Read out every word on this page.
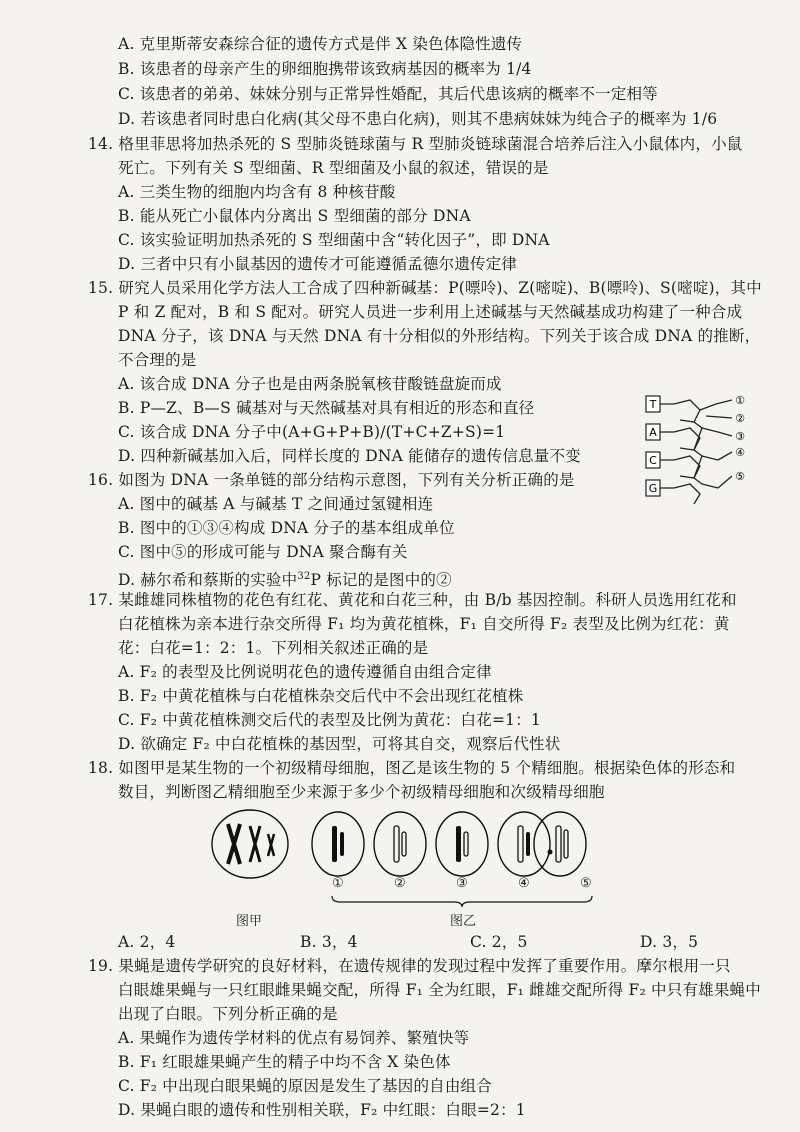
A. 克里斯蒂安森综合征的遗传方式是伴 X 染色体隐性遗传
B. 该患者的母亲产生的卵细胞携带该致病基因的概率为 1/4
C. 该患者的弟弟、妹妹分别与正常异性婚配，其后代患该病的概率不一定相等
D. 若该患者同时患白化病(其父母不患白化病)，则其不患病妹妹为纯合子的概率为 1/6
14. 格里菲思将加热杀死的 S 型肺炎链球菌与 R 型肺炎链球菌混合培养后注入小鼠体内，小鼠
死亡。下列有关 S 型细菌、R 型细菌及小鼠的叙述，错误的是
A. 三类生物的细胞内均含有 8 种核苷酸
B. 能从死亡小鼠体内分离出 S 型细菌的部分 DNA
C. 该实验证明加热杀死的 S 型细菌中含“转化因子”，即 DNA
D. 三者中只有小鼠基因的遗传才可能遵循孟德尔遗传定律
15. 研究人员采用化学方法人工合成了四种新碱基：P(嘌呤)、Z(嘧啶)、B(嘌呤)、S(嘧啶)，其中
P 和 Z 配对，B 和 S 配对。研究人员进一步利用上述碱基与天然碱基成功构建了一种合成
DNA 分子，该 DNA 与天然 DNA 有十分相似的外形结构。下列关于该合成 DNA 的推断，
不合理的是
A. 该合成 DNA 分子也是由两条脱氧核苷酸链盘旋而成
B. P—Z、B—S 碱基对与天然碱基对具有相近的形态和直径
C. 该合成 DNA 分子中(A+G+P+B)/(T+C+Z+S)=1
D. 四种新碱基加入后，同样长度的 DNA 能储存的遗传信息量不变
16. 如图为 DNA 一条单链的部分结构示意图，下列有关分析正确的是
A. 图中的碱基 A 与碱基 T 之间通过氢键相连
B. 图中的①③④构成 DNA 分子的基本组成单位
C. 图中⑤的形成可能与 DNA 聚合酶有关
D. 赫尔希和蔡斯的实验中$^{32}$P 标记的是图中的②
T
A
C
G
①
②
③
④
⑤
17. 某雌雄同株植物的花色有红花、黄花和白花三种，由 B/b 基因控制。科研人员选用红花和
白花植株为亲本进行杂交所得 F₁ 均为黄花植株，F₁ 自交所得 F₂ 表型及比例为红花：黄
花：白花=1：2：1。下列相关叙述正确的是
A. F₂ 的表型及比例说明花色的遗传遵循自由组合定律
B. F₂ 中黄花植株与白花植株杂交后代中不会出现红花植株
C. F₂ 中黄花植株测交后代的表型及比例为黄花：白花=1：1
D. 欲确定 F₂ 中白花植株的基因型，可将其自交，观察后代性状
18. 如图甲是某生物的一个初级精母细胞，图乙是该生物的 5 个精细胞。根据染色体的形态和
数目，判断图乙精细胞至少来源于多少个初级精母细胞和次级精母细胞
①	②	③	④	⑤
图甲	图乙
A. 2，4	B. 3，4	C. 2，5	D. 3，5
19. 果蝇是遗传学研究的良好材料，在遗传规律的发现过程中发挥了重要作用。摩尔根用一只
白眼雄果蝇与一只红眼雌果蝇交配，所得 F₁ 全为红眼，F₁ 雌雄交配所得 F₂ 中只有雄果蝇中
出现了白眼。下列分析正确的是
A. 果蝇作为遗传学材料的优点有易饲养、繁殖快等
B. F₁ 红眼雄果蝇产生的精子中均不含 X 染色体
C. F₂ 中出现白眼果蝇的原因是发生了基因的自由组合
D. 果蝇白眼的遗传和性别相关联，F₂ 中红眼：白眼=2：1
